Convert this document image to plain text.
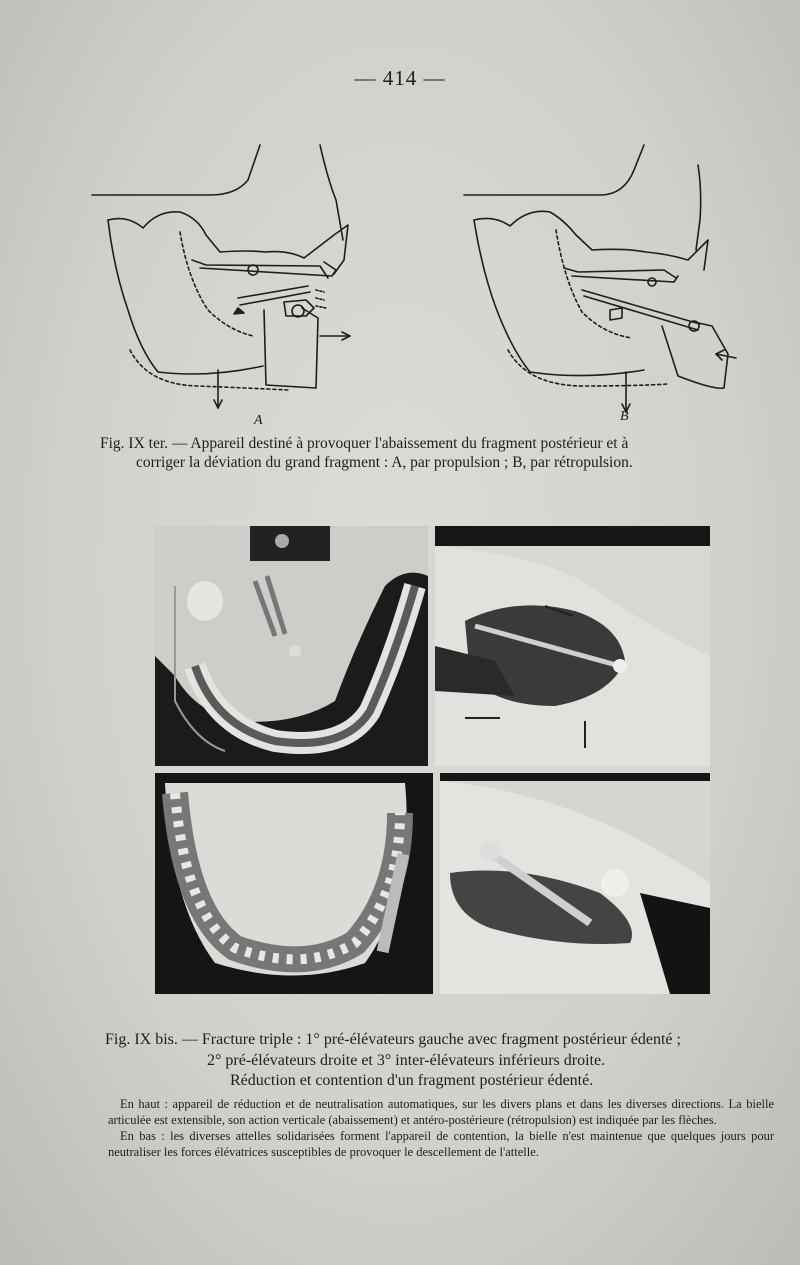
— 414 —
A	B
Fig. IX ter. — Appareil destiné à provoquer l'abaissement du fragment postérieur et à
corriger la déviation du grand fragment : A, par propulsion ; B, par rétropulsion.
Fig. IX bis. — Fracture triple : 1° pré-élévateurs gauche avec fragment postérieur édenté ;
2° pré-élévateurs droite et 3° inter-élévateurs inférieurs droite.
Réduction et contention d'un fragment postérieur édenté.

En haut : appareil de réduction et de neutralisation automatiques, sur les divers plans et dans les diverses directions. La bielle articulée est extensible, son action verticale (abaissement) et antéro-postérieure (rétropulsion) est indiquée par les flèches.

En bas : les diverses attelles solidarisées forment l'appareil de contention, la bielle n'est maintenue que quelques jours pour neutraliser les forces élévatrices susceptibles de provoquer le descellement de l'attelle.
